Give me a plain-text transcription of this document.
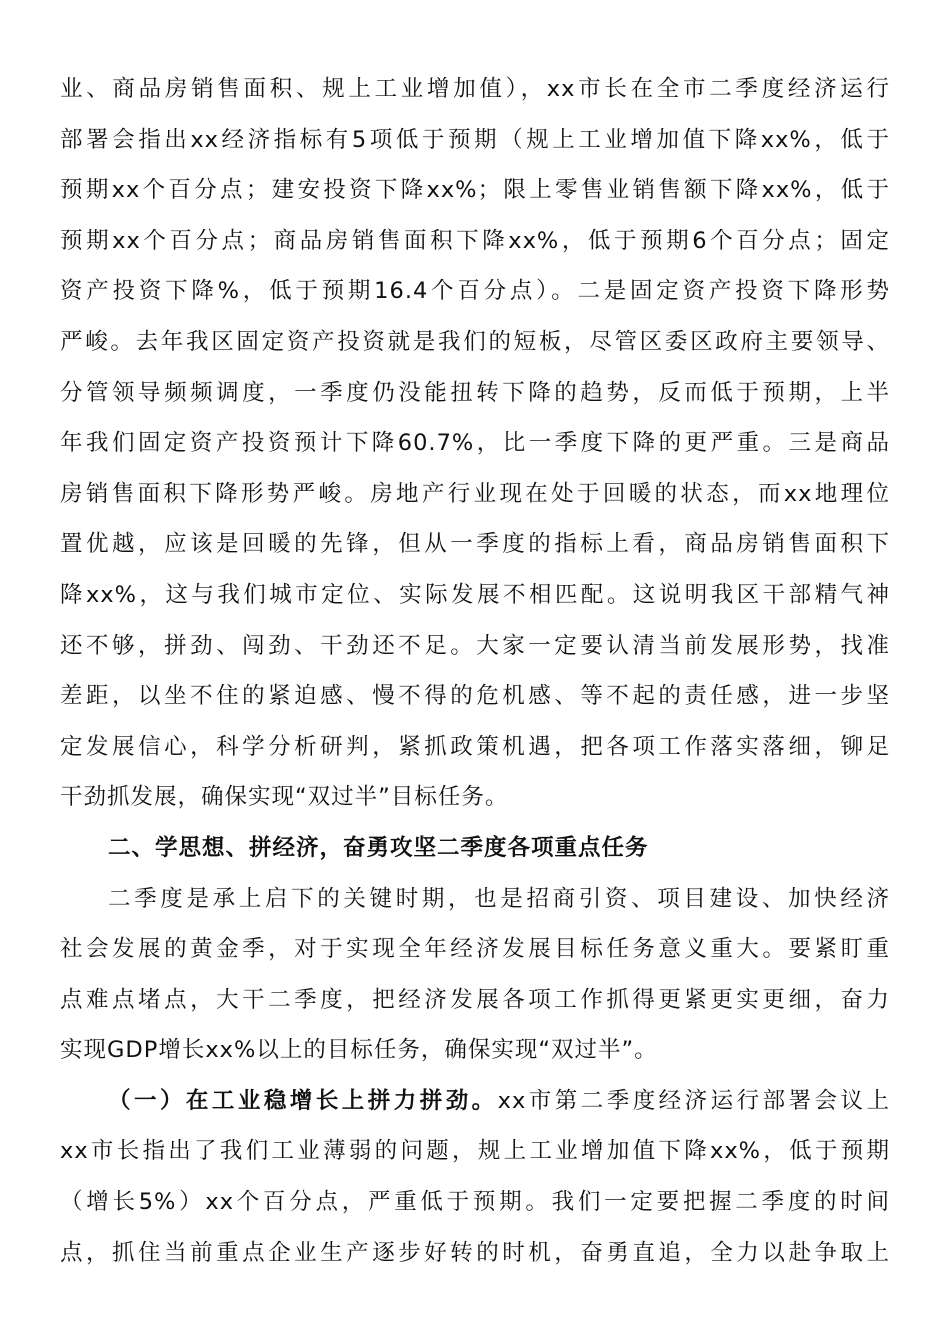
业、商品房销售面积、规上工业增加值），xx市长在全市二季度经济运行
部署会指出xx经济指标有5项低于预期（规上工业增加值下降xx%，低于
预期xx个百分点；建安投资下降xx%；限上零售业销售额下降xx%，低于
预期xx个百分点；商品房销售面积下降xx%，低于预期6个百分点；固定
资产投资下降%，低于预期16.4个百分点）。二是固定资产投资下降形势
严峻。去年我区固定资产投资就是我们的短板，尽管区委区政府主要领导、
分管领导频频调度，一季度仍没能扭转下降的趋势，反而低于预期，上半
年我们固定资产投资预计下降60.7%，比一季度下降的更严重。三是商品
房销售面积下降形势严峻。房地产行业现在处于回暖的状态，而xx地理位
置优越，应该是回暖的先锋，但从一季度的指标上看，商品房销售面积下
降xx%，这与我们城市定位、实际发展不相匹配。这说明我区干部精气神
还不够，拼劲、闯劲、干劲还不足。大家一定要认清当前发展形势，找准
差距，以坐不住的紧迫感、慢不得的危机感、等不起的责任感，进一步坚
定发展信心，科学分析研判，紧抓政策机遇，把各项工作落实落细，铆足
干劲抓发展，确保实现“双过半”目标任务。
二、学思想、拼经济，奋勇攻坚二季度各项重点任务
二季度是承上启下的关键时期，也是招商引资、项目建设、加快经济
社会发展的黄金季，对于实现全年经济发展目标任务意义重大。要紧盯重
点难点堵点，大干二季度，把经济发展各项工作抓得更紧更实更细，奋力
实现GDP增长xx%以上的目标任务，确保实现“双过半”。
（一）在工业稳增长上拼力拼劲。xx市第二季度经济运行部署会议上
xx市长指出了我们工业薄弱的问题，规上工业增加值下降xx%，低于预期
（增长5%）xx个百分点，严重低于预期。我们一定要把握二季度的时间
点，抓住当前重点企业生产逐步好转的时机，奋勇直追，全力以赴争取上
